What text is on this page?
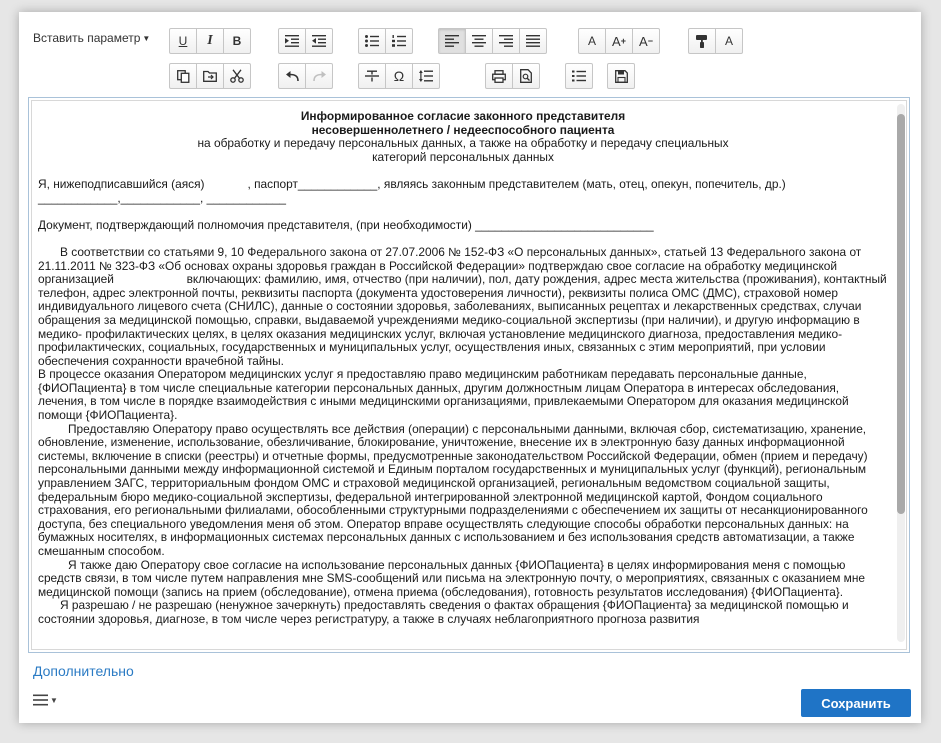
Вставить параметр ▼ U I B	A A + A −	A
Ω

Информированное согласие законного представителя

несовершеннолетнего / недееспособного пациента

на обработку и передачу персональных данных, а также на обработку и передачу специальных

категорий персональных данных

Я, нижеподписавшийся (аяся)             , паспорт____________, являясь законным представителем (мать, отец, опекун, попечитель, др.)

____________,____________, ____________

Документ, подтверждающий полномочия представителя, (при необходимости) ___________________________

В соответствии со статьями 9, 10 Федерального закона от 27.07.2006 № 152-ФЗ «О персональных данных», статьей 13 Федерального закона от 21.11.2011 № 323-ФЗ «Об основах охраны здоровья граждан в Российской Федерации» подтверждаю свое согласие на обработку медицинской организацией                      включающих: фамилию, имя, отчество (при наличии), пол, дату рождения, адрес места жительства (проживания), контактный телефон, адрес электронной почты, реквизиты паспорта (документа удостоверения личности), реквизиты полиса ОМС (ДМС), страховой номер индивидуального лицевого счета (СНИЛС), данные о состоянии здоровья, заболеваниях, выписанных рецептах и лекарственных средствах, случаи обращения за медицинской помощью, справки, выдаваемой учреждениями медико-социальной экспертизы (при наличии), и другую информацию в медико- профилактических целях, в целях оказания медицинских услуг, включая установление медицинского диагноза, предоставления медико-профилактических, социальных, государственных и муниципальных услуг, осуществления иных, связанных с этим мероприятий, при условии обеспечения сохранности врачебной тайны.

В процессе оказания Оператором медицинских услуг я предоставляю право медицинским работникам передавать персональные данные, {ФИОПациента} в том числе специальные категории персональных данных, другим должностным лицам Оператора в интересах обследования, лечения, в том числе в порядке взаимодействия с иными медицинскими организациями, привлекаемыми Оператором для оказания медицинской помощи {ФИОПациента}.

Предоставляю Оператору право осуществлять все действия (операции) с персональными данными, включая сбор, систематизацию, хранение, обновление, изменение, использование, обезличивание, блокирование, уничтожение, внесение их в электронную базу данных информационной системы, включение в списки (реестры) и отчетные формы, предусмотренные законодательством Российской Федерации, обмен (прием и передачу) персональными данными между информационной системой и Единым порталом государственных и муниципальных услуг (функций), региональным управлением ЗАГС, территориальным фондом ОМС и страховой медицинской организацией, региональным ведомством социальной защиты, федеральным бюро медико-социальной экспертизы, федеральной интегрированной электронной медицинской картой, Фондом социального страхования, его региональными филиалами, обособленными структурными подразделениями с обеспечением их защиты от несанкционированного доступа, без специального уведомления меня об этом. Оператор вправе осуществлять следующие способы обработки персональных данных: на бумажных носителях, в информационных системах персональных данных с использованием и без использования средств автоматизации, а также смешанным способом.

Я также даю Оператору свое согласие на использование персональных данных {ФИОПациента} в целях информирования меня с помощью средств связи, в том числе путем направления мне SMS-сообщений или письма на электронную почту, о мероприятиях, связанных с оказанием мне медицинской помощи (запись на прием (обследование), отмена приема (обследования), готовность результатов исследования) {ФИОПациента}.

Я разрешаю / не разрешаю (ненужное зачеркнуть) предоставлять сведения о фактах обращения {ФИОПациента} за медицинской помощью и состоянии здоровья, диагнозе, в том числе через регистратуру, а также в случаях неблагоприятного прогноза развития

Дополнительно
▼	Сохранить
